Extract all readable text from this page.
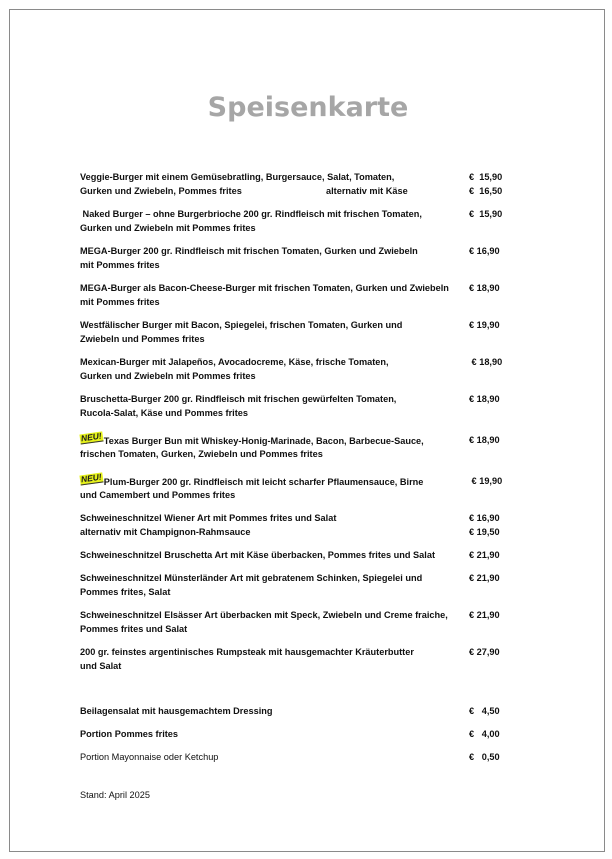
Speisenkarte
Veggie-Burger mit einem Gemüsebratling, Burgersauce, Salat, Tomaten,	€  15,90
Gurken und Zwiebeln, Pommes frites	alternativ mit Käse	€  16,50
Naked Burger – ohne Burgerbrioche 200 gr. Rindfleisch mit frischen Tomaten,	€  15,90
Gurken und Zwiebeln mit Pommes frites
MEGA-Burger 200 gr. Rindfleisch mit frischen Tomaten, Gurken und Zwiebeln	€ 16,90
mit Pommes frites
MEGA-Burger als Bacon-Cheese-Burger mit frischen Tomaten, Gurken und Zwiebeln	€ 18,90
mit Pommes frites
Westfälischer Burger mit Bacon, Spiegelei, frischen Tomaten, Gurken und	€ 19,90
Zwiebeln und Pommes frites
Mexican-Burger mit Jalapeños, Avocadocreme, Käse, frische Tomaten,	€ 18,90
Gurken und Zwiebeln mit Pommes frites
Bruschetta-Burger 200 gr. Rindfleisch mit frischen gewürfelten Tomaten,	€ 18,90
Rucola-Salat, Käse und Pommes frites
NEU! Texas Burger Bun mit Whiskey-Honig-Marinade, Bacon, Barbecue-Sauce,	€ 18,90
frischen Tomaten, Gurken, Zwiebeln und Pommes frites
NEU! Plum-Burger 200 gr. Rindfleisch mit leicht scharfer Pflaumensauce, Birne	€ 19,90
und Camembert und Pommes frites
Schweineschnitzel Wiener Art mit Pommes frites und Salat	€ 16,90
alternativ mit Champignon-Rahmsauce	€ 19,50
Schweineschnitzel Bruschetta Art mit Käse überbacken, Pommes frites und Salat	€ 21,90
Schweineschnitzel Münsterländer Art mit gebratenem Schinken, Spiegelei und	€ 21,90
Pommes frites, Salat
Schweineschnitzel Elsässer Art überbacken mit Speck, Zwiebeln und Creme fraiche,	€ 21,90
Pommes frites und Salat
200 gr. feinstes argentinisches Rumpsteak mit hausgemachter Kräuterbutter	€ 27,90
und Salat
Beilagensalat mit hausgemachtem Dressing	€   4,50
Portion Pommes frites	€   4,00
Portion Mayonnaise oder Ketchup	€   0,50
Stand: April 2025
